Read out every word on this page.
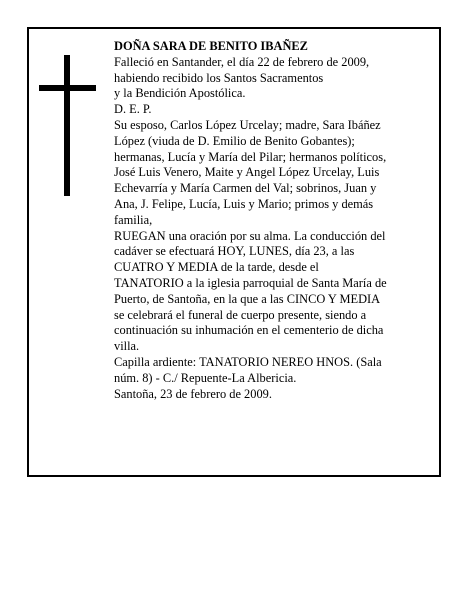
DOÑA SARA DE BENITO IBAÑEZ
Falleció en Santander, el día 22 de febrero de 2009,
habiendo recibido los Santos Sacramentos
y la Bendición Apostólica.
D. E. P.
Su esposo, Carlos López Urcelay; madre, Sara Ibáñez
López (viuda de D. Emilio de Benito Gobantes);
hermanas, Lucía y María del Pilar; hermanos políticos,
José Luis Venero, Maite y Angel López Urcelay, Luis
Echevarría y María Carmen del Val; sobrinos, Juan y
Ana, J. Felipe, Lucía, Luis y Mario; primos y demás
familia,
RUEGAN una oración por su alma. La conducción del
cadáver se efectuará HOY, LUNES, día 23, a las
CUATRO Y MEDIA de la tarde, desde el
TANATORIO a la iglesia parroquial de Santa María de
Puerto, de Santoña, en la que a las CINCO Y MEDIA
se celebrará el funeral de cuerpo presente, siendo a
continuación su inhumación en el cementerio de dicha
villa.
Capilla ardiente: TANATORIO NEREO HNOS. (Sala
núm. 8) - C./ Repuente-La Albericia.
Santoña, 23 de febrero de 2009.
